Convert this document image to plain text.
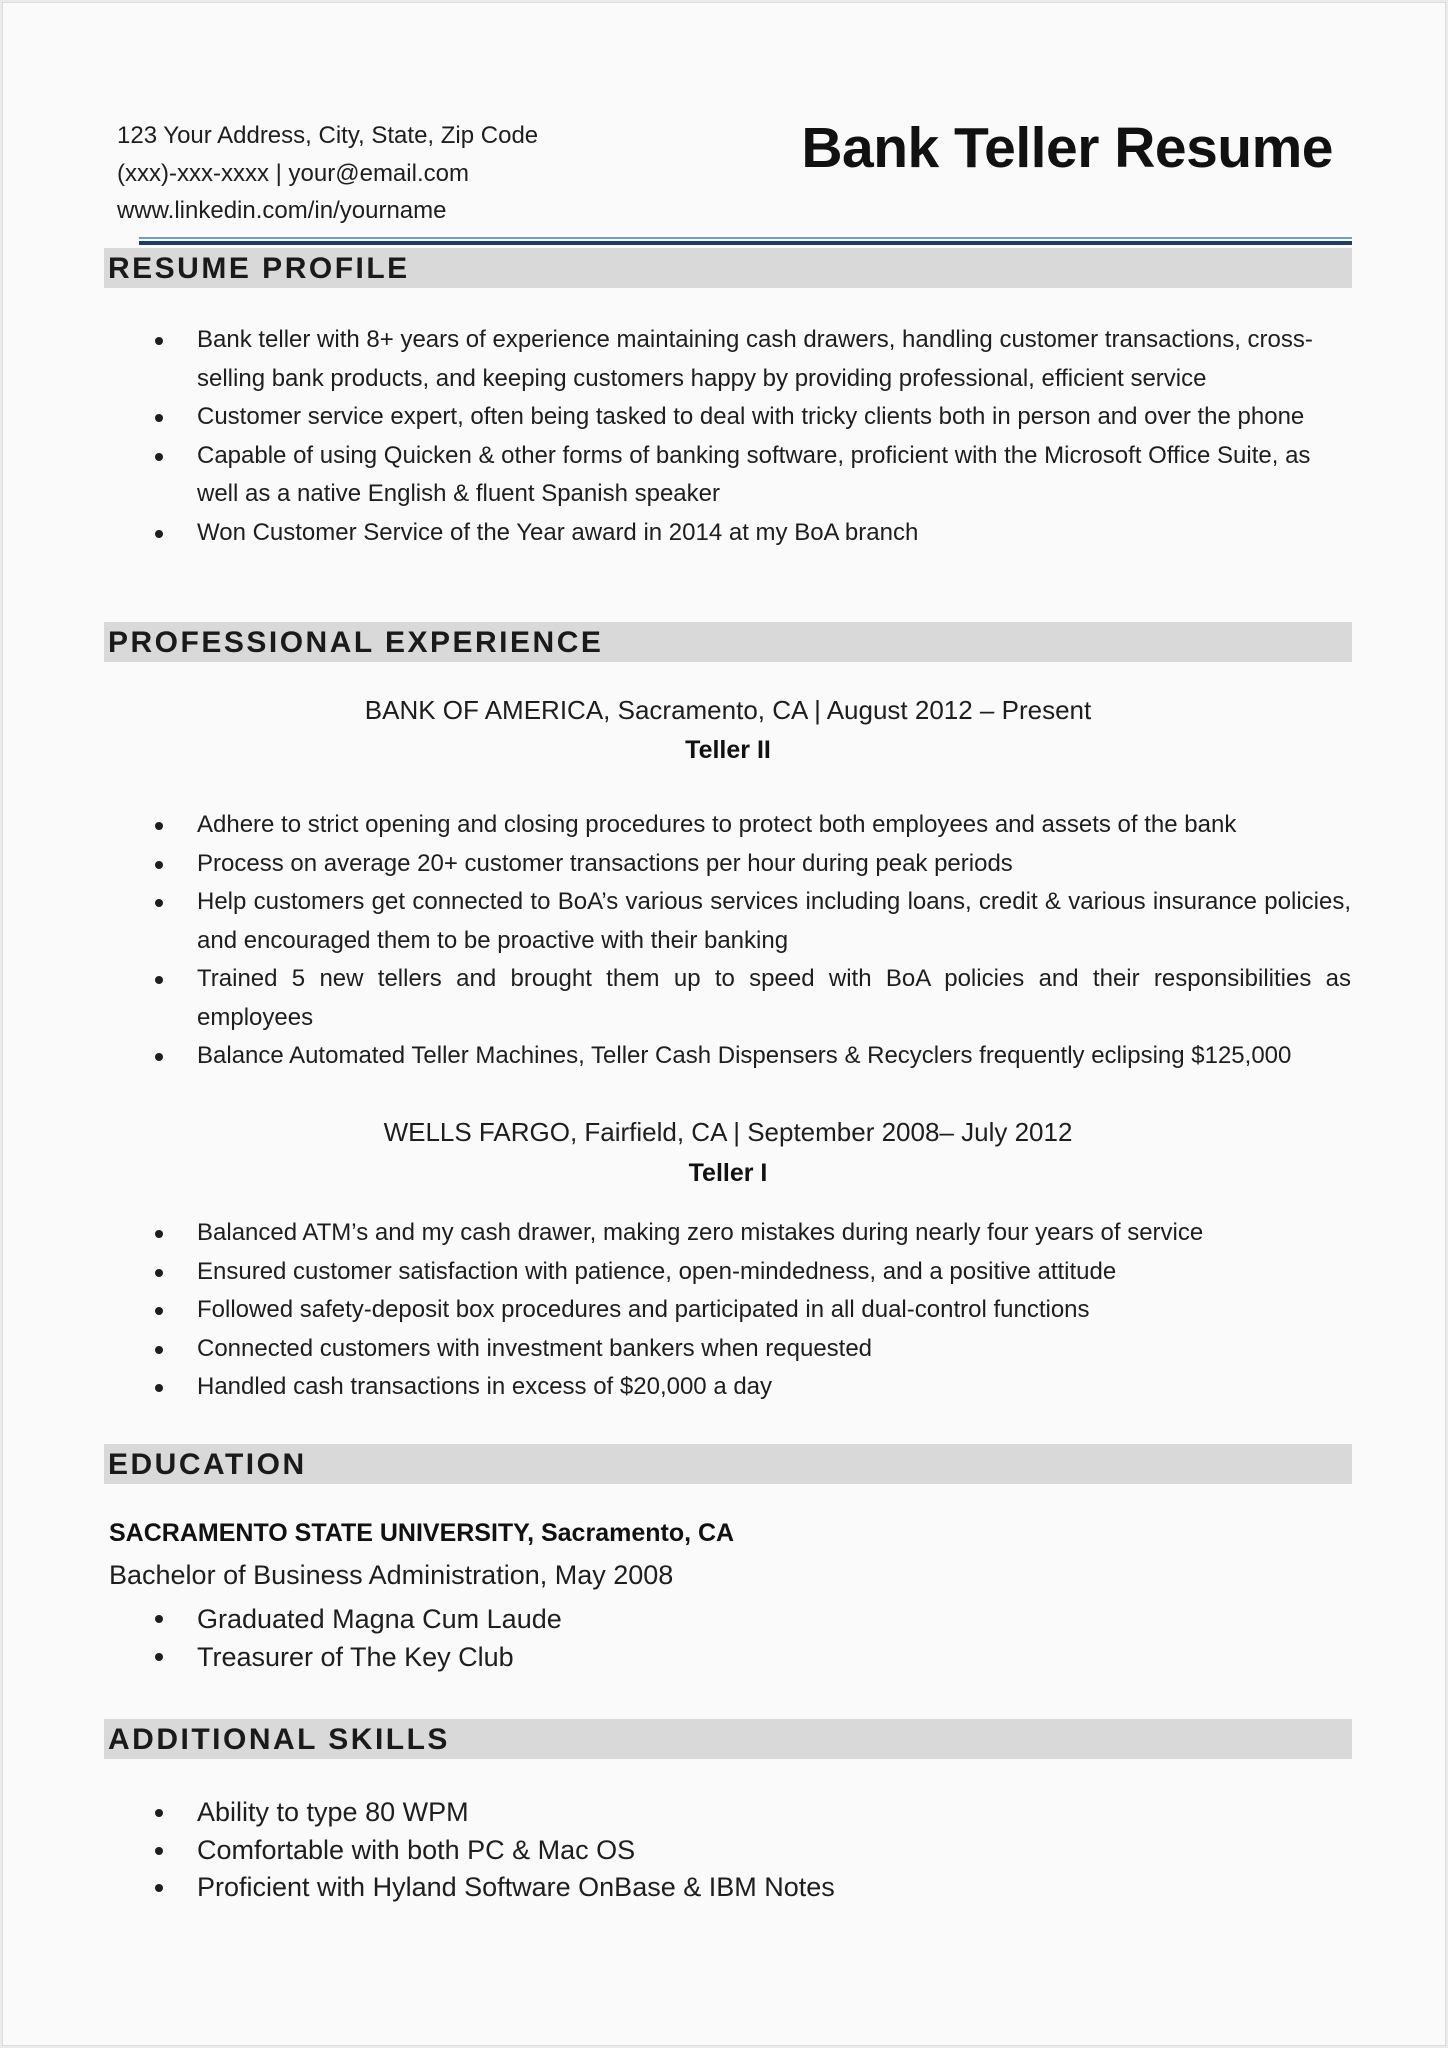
123 Your Address, City, State, Zip Code
(xxx)-xxx-xxxx | your@email.com
www.linkedin.com/in/yourname
Bank Teller Resume
RESUME PROFILE
Bank teller with 8+ years of experience maintaining cash drawers, handling customer transactions, cross-selling bank products, and keeping customers happy by providing professional, efficient service
Customer service expert, often being tasked to deal with tricky clients both in person and over the phone
Capable of using Quicken & other forms of banking software, proficient with the Microsoft Office Suite, as well as a native English & fluent Spanish speaker
Won Customer Service of the Year award in 2014 at my BoA branch
PROFESSIONAL EXPERIENCE
BANK OF AMERICA, Sacramento, CA | August 2012 – Present
Teller II
Adhere to strict opening and closing procedures to protect both employees and assets of the bank
Process on average 20+ customer transactions per hour during peak periods
Help customers get connected to BoA’s various services including loans, credit & various insurance policies, and encouraged them to be proactive with their banking
Trained 5 new tellers and brought them up to speed with BoA policies and their responsibilities as employees
Balance Automated Teller Machines, Teller Cash Dispensers & Recyclers frequently eclipsing $125,000
WELLS FARGO, Fairfield, CA | September 2008– July 2012
Teller I
Balanced ATM’s and my cash drawer, making zero mistakes during nearly four years of service
Ensured customer satisfaction with patience, open-mindedness, and a positive attitude
Followed safety-deposit box procedures and participated in all dual-control functions
Connected customers with investment bankers when requested
Handled cash transactions in excess of $20,000 a day
EDUCATION
SACRAMENTO STATE UNIVERSITY, Sacramento, CA
Bachelor of Business Administration, May 2008
Graduated Magna Cum Laude
Treasurer of The Key Club
ADDITIONAL SKILLS
Ability to type 80 WPM
Comfortable with both PC & Mac OS
Proficient with Hyland Software OnBase & IBM Notes
